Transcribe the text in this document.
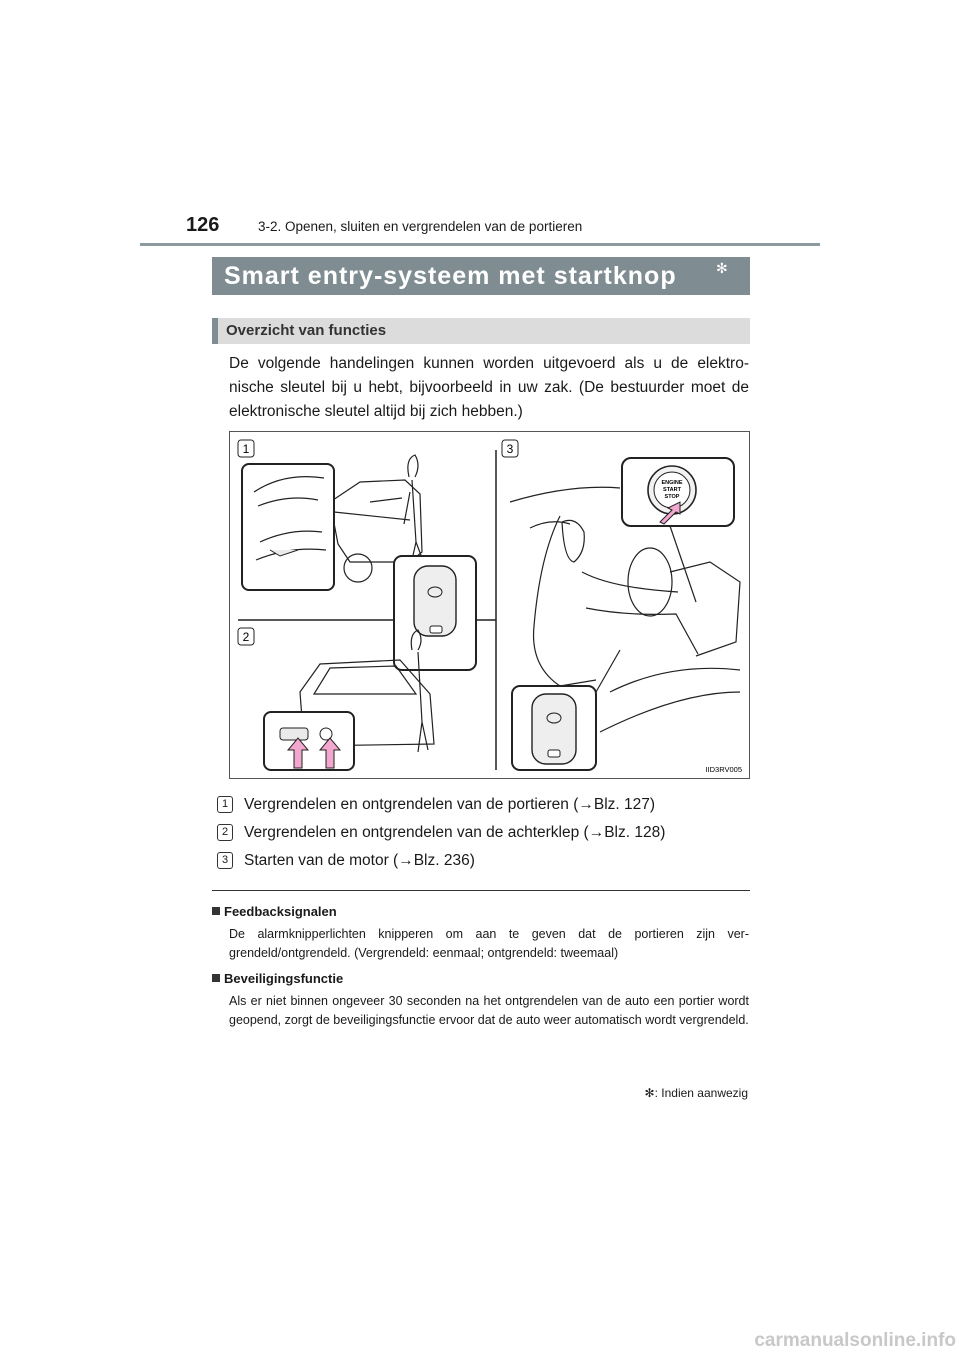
126	3-2. Openen, sluiten en vergrendelen van de portieren
Smart entry-systeem met startknop	✻
Overzicht van functies
De volgende handelingen kunnen worden uitgevoerd als u de elektro-nische sleutel bij u hebt, bijvoorbeeld in uw zak. (De bestuurder moet de elektronische sleutel altijd bij zich hebben.)
1
2
3
ENGINE
START
STOP
IID3RV005
1 Vergrendelen en ontgrendelen van de portieren (→Blz. 127)
2 Vergrendelen en ontgrendelen van de achterklep (→Blz. 128)
3 Starten van de motor (→Blz. 236)
Feedbacksignalen
De alarmknipperlichten knipperen om aan te geven dat de portieren zijn ver-grendeld/ontgrendeld. (Vergrendeld: eenmaal; ontgrendeld: tweemaal)
Beveiligingsfunctie
Als er niet binnen ongeveer 30 seconden na het ontgrendelen van de auto een portier wordt geopend, zorgt de beveiligingsfunctie ervoor dat de auto weer automatisch wordt vergrendeld.
✻: Indien aanwezig
carmanualsonline.info
